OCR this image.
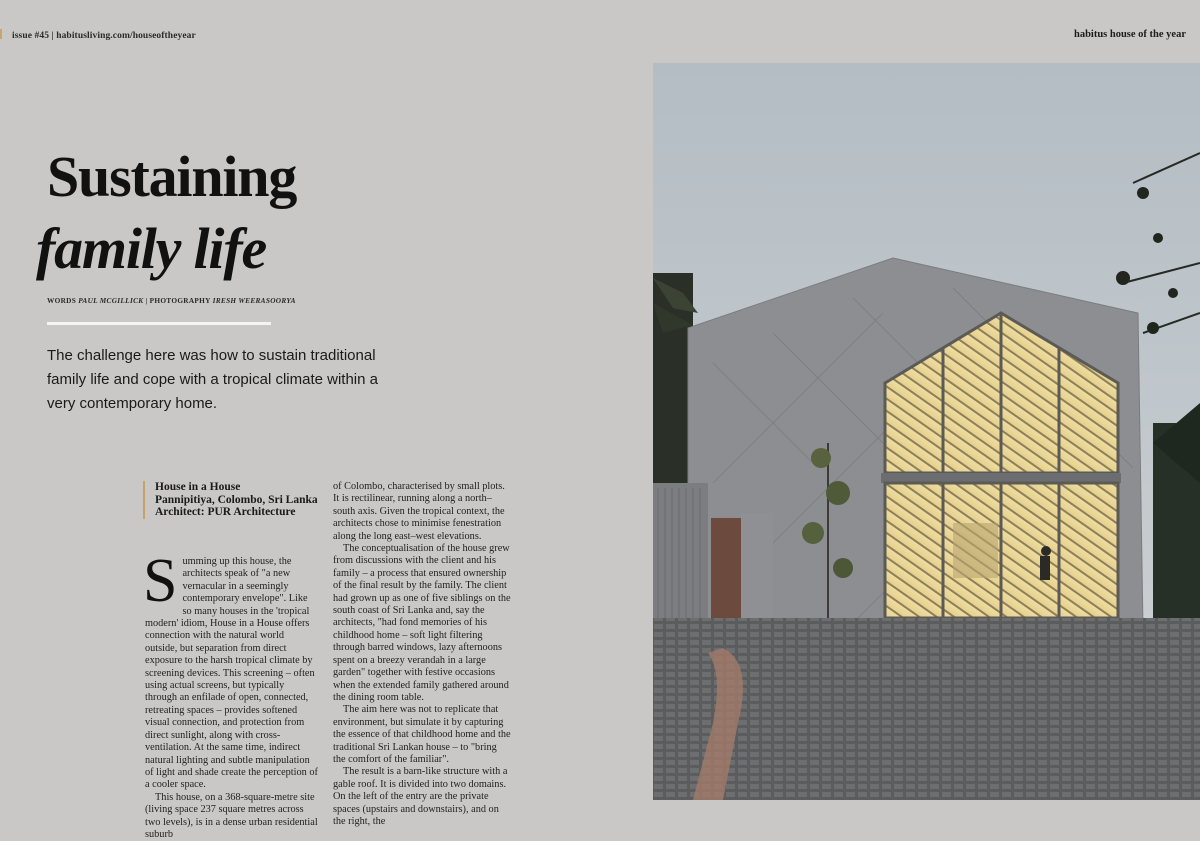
issue #45 | habitusliving.com/houseoftheyear	habitus house of the year
Sustaining
family life
WORDS PAUL MCGILLICK | PHOTOGRAPHY IRESH WEERASOORYA
The challenge here was how to sustain traditional family life and cope with a tropical climate within a very contemporary home.
House in a House
Pannipitiya, Colombo, Sri Lanka
Architect: PUR Architecture
S umming up this house, the architects speak of "a new vernacular in a seemingly contemporary envelope". Like so many houses in the 'tropical modern' idiom, House in a House offers connection with the natural world outside, but separation from direct exposure to the harsh tropical climate by screening devices. This screening – often using actual screens, but typically through an enfilade of open, connected, retreating spaces – provides softened visual connection, and protection from direct sunlight, along with cross-ventilation. At the same time, indirect natural lighting and subtle manipulation of light and shade create the perception of a cooler space.

This house, on a 368-square-metre site (living space 237 square metres across two levels), is in a dense urban residential suburb

of Colombo, characterised by small plots. It is rectilinear, running along a north–south axis. Given the tropical context, the architects chose to minimise fenestration along the long east–west elevations.

The conceptualisation of the house grew from discussions with the client and his family – a process that ensured ownership of the final result by the family. The client had grown up as one of five siblings on the south coast of Sri Lanka and, say the architects, "had fond memories of his childhood home – soft light filtering through barred windows, lazy afternoons spent on a breezy verandah in a large garden" together with festive occasions when the extended family gathered around the dining room table.

The aim here was not to replicate that environment, but simulate it by capturing the essence of that childhood home and the traditional Sri Lankan house – to "bring the comfort of the familiar".

The result is a barn-like structure with a gable roof. It is divided into two domains. On the left of the entry are the private spaces (upstairs and downstairs), and on the right, the
